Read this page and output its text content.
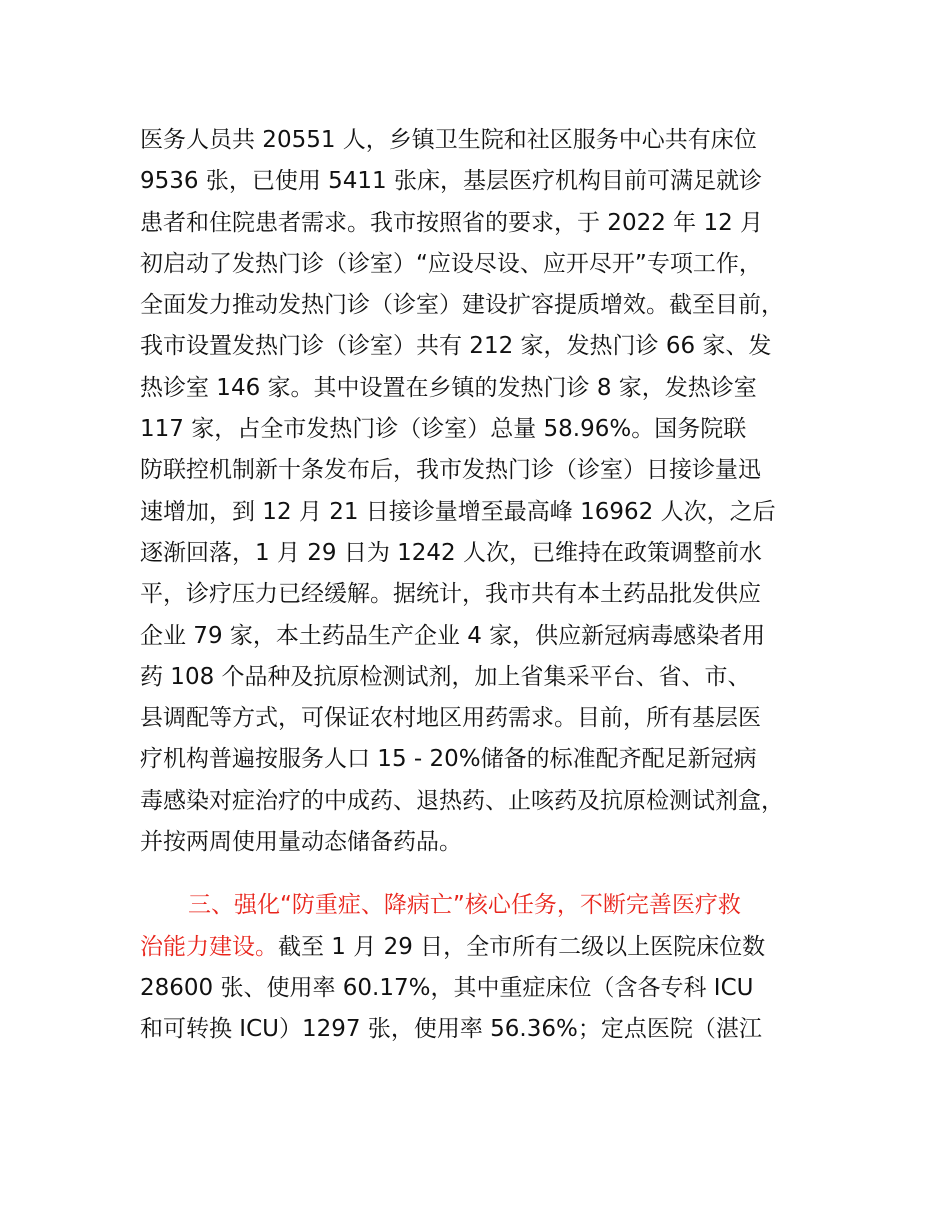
医务人员共 20551 人，乡镇卫生院和社区服务中心共有床位
9536 张，已使用 5411 张床，基层医疗机构目前可满足就诊
患者和住院患者需求。我市按照省的要求，于 2022 年 12 月
初启动了发热门诊（诊室）“应设尽设、应开尽开”专项工作，
全面发力推动发热门诊（诊室）建设扩容提质增效。截至目前，
我市设置发热门诊（诊室）共有 212 家，发热门诊 66 家、发
热诊室 146 家。其中设置在乡镇的发热门诊 8 家，发热诊室
117 家，占全市发热门诊（诊室）总量 58.96%。国务院联
防联控机制新十条发布后，我市发热门诊（诊室）日接诊量迅
速增加，到 12 月 21 日接诊量增至最高峰 16962 人次，之后
逐渐回落，1 月 29 日为 1242 人次，已维持在政策调整前水
平，诊疗压力已经缓解。据统计，我市共有本土药品批发供应
企业 79 家，本土药品生产企业 4 家，供应新冠病毒感染者用
药 108 个品种及抗原检测试剂，加上省集采平台、省、市、
县调配等方式，可保证农村地区用药需求。目前，所有基层医
疗机构普遍按服务人口 15 - 20%储备的标准配齐配足新冠病
毒感染对症治疗的中成药、退热药、止咳药及抗原检测试剂盒，
并按两周使用量动态储备药品。
三、强化“防重症、降病亡”核心任务，不断完善医疗救
治能力建设。截至 1 月 29 日，全市所有二级以上医院床位数
28600 张、使用率 60.17%，其中重症床位（含各专科 ICU
和可转换 ICU）1297 张，使用率 56.36%；定点医院（湛江
